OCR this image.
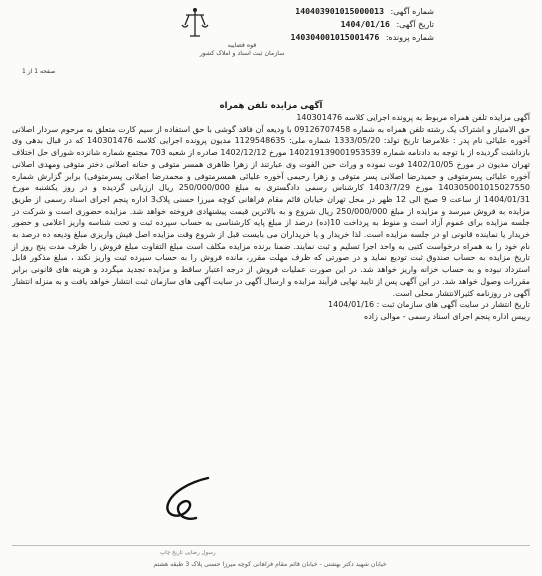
شماره آگهی: 140403901015000013
تاریخ آگهی: 1404/01/16
شماره پرونده: 140304001015001476
قوه قضاییه
سازمان ثبت اسناد و املاک کشور
صفحه 1 از 1
آگهی مزایده تلفن همراه

آگهی مزایده تلفن همراه مربوط به پرونده اجرایی کلاسه 140301476

حق الامتیاز و اشتراک یک رشته تلفن همراه به شماره 09126707458 با ودیعه آن فاقد گوشی با حق استفاده از سیم کارت متعلق به مرحوم سردار اصلانی آخوره علیائی نام پدر : غلامرضا تاریخ تولد: 1333/05/20 شماره ملی: 1129548635 مدیون پرونده اجرایی کلاسه 140301476 که در قبال بدهی وی بازداشت گردیده از با توجه به دادنامه شماره 140219139001953539 مورخ 1402/12/12 صادره از شعبه 703 مجتمع شماره شانزده شورای حل اختلاف تهران مدیون در مورخ 1402/10/05 فوت نموده و وراث حین الفوت وی عبارتند از زهرا ظاهری همسر متوفی و حنانه اصلانی دختر متوفی ومهدی اصلانی آخوره علیائی پسرمتوفی و حمیدرضا اصلانی پسر متوفی و زهرا رحیمی آخوره علیائی همسرمتوفی و محمدرضا اصلانی پسرمتوفی) برابر گزارش شماره 140305001015027550 مورخ 1403/7/29 کارشناس رسمی دادگستری به مبلغ 250/000/000 ریال ارزیابی گردیده و در روز یکشنبه مورخ 1404/01/31 از ساعت 9 صبح الی 12 ظهر در محل تهران خیابان قائم مقام فراهانی کوچه میرزا حسنی پلاک3 اداره پنجم اجرای اسناد رسمی از طریق مزایده به فروش میرسد و مزایده از مبلغ 250/000/000 ریال شروع و به بالاترین قیمت پیشنهادی فروخته خواهد شد. مزایده حضوری است و شرکت در جلسه مزایده برای عموم آزاد است و منوط به پرداخت 10(ده) درصد از مبلغ پایه کارشناسی به حساب سپرده ثبت و تحت شناسه واریز اعلامی و حضور خریدار یا نماینده قانونی او در جلسه مزایده است. لذا خریدار و یا خریداران می بایست قبل از شروع وقت مزایده اصل فیش واریزی مبلغ ودیعه ده درصد به نام خود را به همراه درخواست کتبی به واحد اجرا تسلیم و ثبت نمایند. ضمنا برنده مزایده مکلف است مبلغ التفاوت مبلغ فروش را ظرف مدت پنج روز از تاریخ مزایده به حساب صندوق ثبت تودیع نماید و در صورتی که ظرف مهلت مقرر، مانده فروش را به حساب سپرده ثبت واریز نکند ، مبلغ مذکور قابل استرداد نبوده و به حساب خزانه واریز خواهد شد. در این صورت عملیات فروش از درجه اعتبار ساقط و مزایده تجدید میگردد و هزینه های قانونی برابر مقررات وصول خواهد شد. در این آگهی پس از تایید نهایی فرآیند مزایده و ارسال آگهی در سایت آگهی های سازمان ثبت انتشار خواهد یافت و به منزله انتشار آگهی در روزنامه کثیرالانتشار محلی است.

تاریخ انتشار در سایت آگهی های سازمان ثبت : 1404/01/16

رییس اداره پنجم اجرای اسناد رسمی - موالی زاده

رسول رضایی تاریخ چاپ
خیابان شهید دکتر بهشتی - خیابان قائم مقام فراهانی کوچه میرزا حسنی پلاک 3 طبقه هشتم
